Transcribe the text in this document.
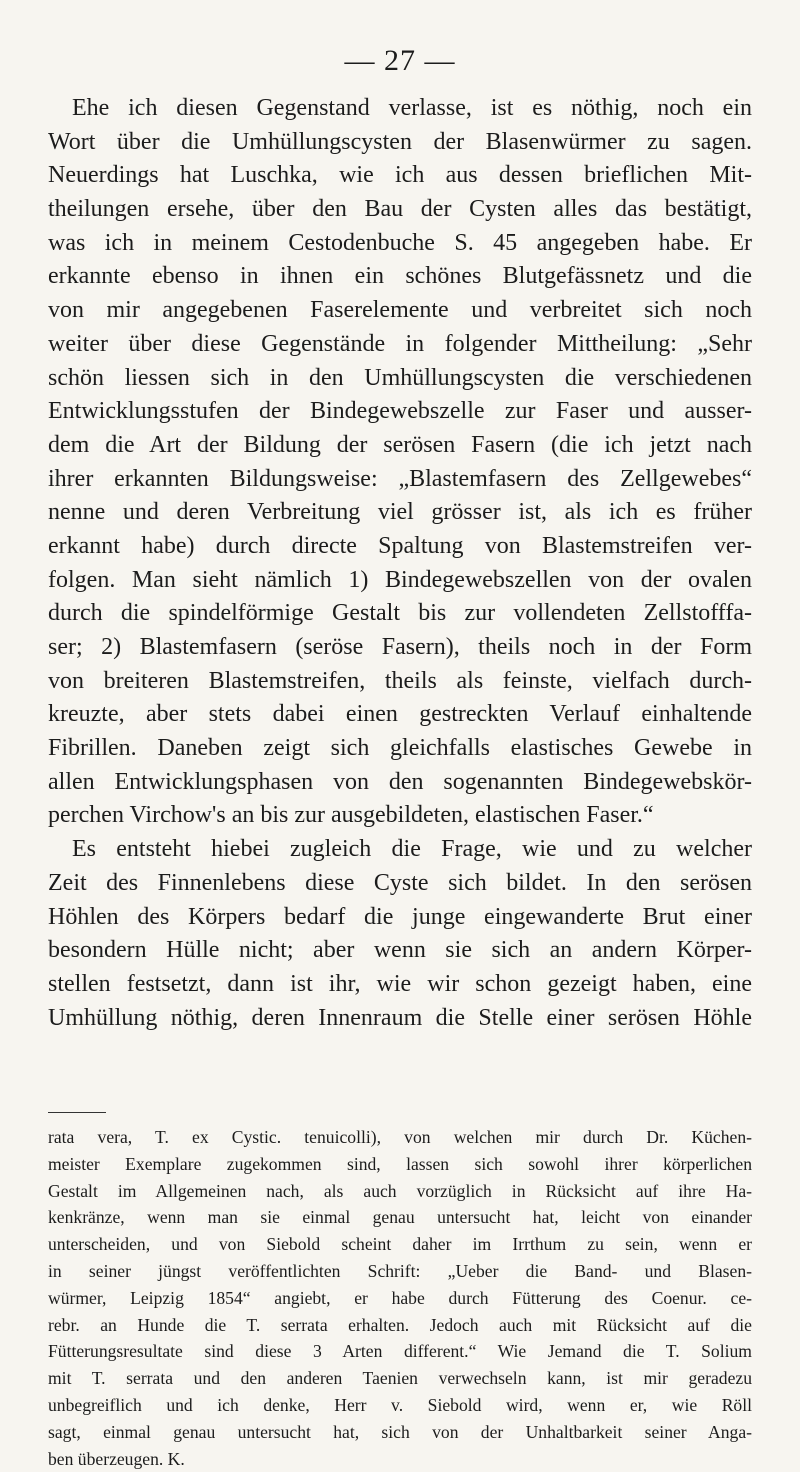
— 27 —
Ehe ich diesen Gegenstand verlasse, ist es nöthig, noch ein
Wort über die Umhüllungscysten der Blasenwürmer zu sagen.
Neuerdings hat Luschka, wie ich aus dessen brieflichen Mit-
theilungen ersehe, über den Bau der Cysten alles das bestätigt,
was ich in meinem Cestodenbuche S. 45 angegeben habe. Er
erkannte ebenso in ihnen ein schönes Blutgefässnetz und die
von mir angegebenen Faserelemente und verbreitet sich noch
weiter über diese Gegenstände in folgender Mittheilung: „Sehr
schön liessen sich in den Umhüllungscysten die verschiedenen
Entwicklungsstufen der Bindegewebszelle zur Faser und ausser-
dem die Art der Bildung der serösen Fasern (die ich jetzt nach
ihrer erkannten Bildungsweise: „Blastemfasern des Zellgewebes“
nenne und deren Verbreitung viel grösser ist, als ich es früher
erkannt habe) durch directe Spaltung von Blastemstreifen ver-
folgen. Man sieht nämlich 1) Bindegewebszellen von der ovalen
durch die spindelförmige Gestalt bis zur vollendeten Zellstofffa-
ser; 2) Blastemfasern (seröse Fasern), theils noch in der Form
von breiteren Blastemstreifen, theils als feinste, vielfach durch-
kreuzte, aber stets dabei einen gestreckten Verlauf einhaltende
Fibrillen. Daneben zeigt sich gleichfalls elastisches Gewebe in
allen Entwicklungsphasen von den sogenannten Bindegewebskör-
perchen Virchow's an bis zur ausgebildeten, elastischen Faser.“
Es entsteht hiebei zugleich die Frage, wie und zu welcher
Zeit des Finnenlebens diese Cyste sich bildet. In den serösen
Höhlen des Körpers bedarf die junge eingewanderte Brut einer
besondern Hülle nicht; aber wenn sie sich an andern Körper-
stellen festsetzt, dann ist ihr, wie wir schon gezeigt haben, eine
Umhüllung nöthig, deren Innenraum die Stelle einer serösen Höhle
rata vera, T. ex Cystic. tenuicolli), von welchen mir durch Dr. Küchen-
meister Exemplare zugekommen sind, lassen sich sowohl ihrer körperlichen
Gestalt im Allgemeinen nach, als auch vorzüglich in Rücksicht auf ihre Ha-
kenkränze, wenn man sie einmal genau untersucht hat, leicht von einander
unterscheiden, und von Siebold scheint daher im Irrthum zu sein, wenn er
in seiner jüngst veröffentlichten Schrift: „Ueber die Band- und Blasen-
würmer, Leipzig 1854“ angiebt, er habe durch Fütterung des Coenur. ce-
rebr. an Hunde die T. serrata erhalten. Jedoch auch mit Rücksicht auf die
Fütterungsresultate sind diese 3 Arten different.“ Wie Jemand die T. Solium
mit T. serrata und den anderen Taenien verwechseln kann, ist mir geradezu
unbegreiflich und ich denke, Herr v. Siebold wird, wenn er, wie Röll
sagt, einmal genau untersucht hat, sich von der Unhaltbarkeit seiner Anga-
ben überzeugen. K.
